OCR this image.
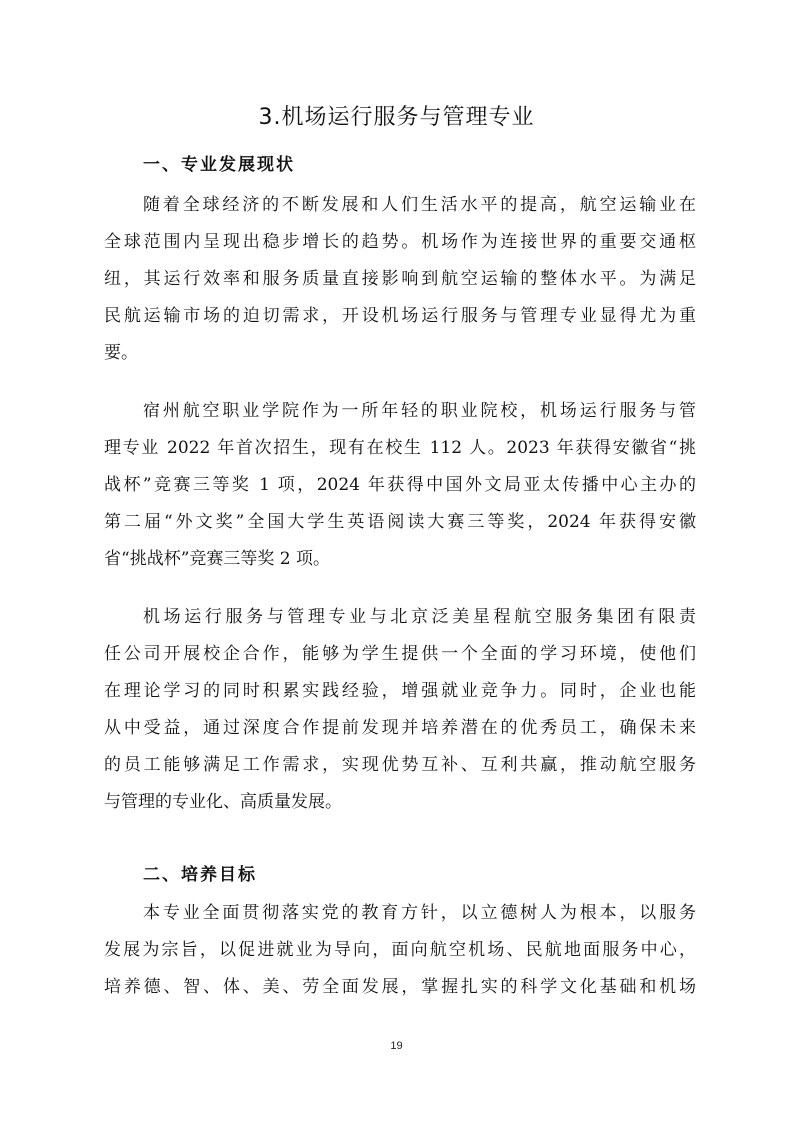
3.机场运行服务与管理专业
一、专业发展现状
随着全球经济的不断发展和人们生活水平的提高，航空运输业在
全球范围内呈现出稳步增长的趋势。机场作为连接世界的重要交通枢
纽，其运行效率和服务质量直接影响到航空运输的整体水平。为满足
民航运输市场的迫切需求，开设机场运行服务与管理专业显得尤为重
要。
宿州航空职业学院作为一所年轻的职业院校，机场运行服务与管
理专业 2022 年首次招生，现有在校生 112 人。2023 年获得安徽省“挑
战杯”竞赛三等奖 1 项，2024 年获得中国外文局亚太传播中心主办的
第二届“外文奖”全国大学生英语阅读大赛三等奖，2024 年获得安徽
省“挑战杯”竞赛三等奖 2 项。
机场运行服务与管理专业与北京泛美星程航空服务集团有限责
任公司开展校企合作，能够为学生提供一个全面的学习环境，使他们
在理论学习的同时积累实践经验，增强就业竞争力。同时，企业也能
从中受益，通过深度合作提前发现并培养潜在的优秀员工，确保未来
的员工能够满足工作需求，实现优势互补、互利共赢，推动航空服务
与管理的专业化、高质量发展。
二、培养目标
本专业全面贯彻落实党的教育方针，以立德树人为根本，以服务
发展为宗旨，以促进就业为导向，面向航空机场、民航地面服务中心，
培养德、智、体、美、劳全面发展，掌握扎实的科学文化基础和机场
19
